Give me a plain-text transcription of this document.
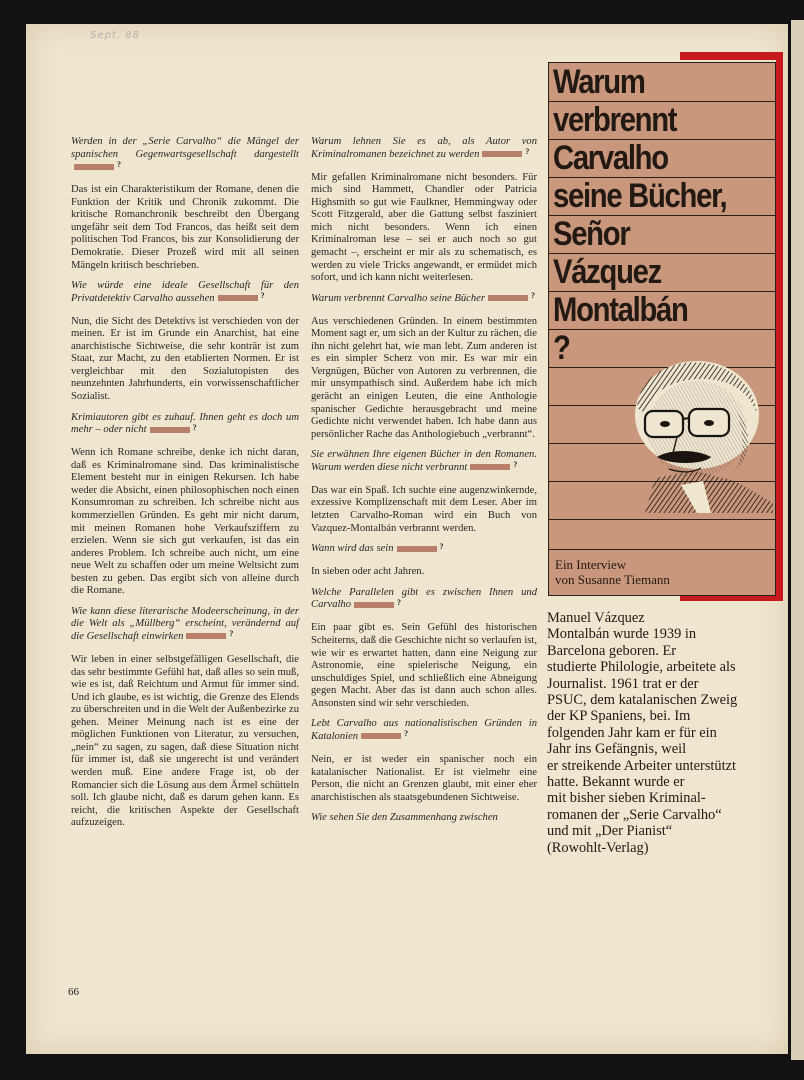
Sept. 88

Werden in der „Serie Carvalho“ die Mängel der spanischen Gegenwartsgesellschaft dargestellt?

Das ist ein Charakteristikum der Romane, denen die Funktion der Kritik und Chronik zukommt. Die kritische Romanchronik beschreibt den Übergang ungefähr seit dem Tod Francos, das heißt seit dem politischen Tod Francos, bis zur Konsolidierung der Demokratie. Dieser Prozeß wird mit all seinen Mängeln kritisch beschrieben.

Wie würde eine ideale Gesellschaft für den Privatdetektiv Carvalho aussehen?

Nun, die Sicht des Detektivs ist verschieden von der meinen. Er ist im Grunde ein Anarchist, hat eine anarchistische Sichtweise, die sehr konträr ist zum Staat, zur Macht, zu den etablierten Normen. Er ist vergleichbar mit den Sozialutopisten des neunzehnten Jahrhunderts, ein vorwissenschaftlicher Sozialist.

Krimiautoren gibt es zuhauf. Ihnen geht es doch um mehr – oder nicht?

Wenn ich Romane schreibe, denke ich nicht daran, daß es Kriminalromane sind. Das kriminalistische Element besteht nur in einigen Rekursen. Ich habe weder die Absicht, einen philosophischen noch einen Konsumroman zu schreiben. Ich schreibe nicht aus kommerziellen Gründen. Es geht mir nicht darum, mit meinen Romanen hohe Verkaufsziffern zu erzielen. Wenn sie sich gut verkaufen, ist das ein anderes Problem. Ich schreibe auch nicht, um eine neue Welt zu schaffen oder um meine Weltsicht zum besten zu geben. Das ergibt sich von alleine durch die Romane.

Wie kann diese literarische Modeerscheinung, in der die Welt als „Müllberg“ erscheint, verändernd auf die Gesellschaft einwirken?

Wir leben in einer selbstgefälligen Gesellschaft, die das sehr bestimmte Gefühl hat, daß alles so sein muß, wie es ist, daß Reichtum und Armut für immer sind. Und ich glaube, es ist wichtig, die Grenze des Elends zu überschreiten und in die Welt der Außenbezirke zu gehen. Meiner Meinung nach ist es eine der möglichen Funktionen von Literatur, zu versuchen, „nein“ zu sagen, zu sagen, daß diese Situation nicht für immer ist, daß sie ungerecht ist und verändert werden muß. Eine andere Frage ist, ob der Romancier sich die Lösung aus dem Ärmel schütteln soll. Ich glaube nicht, daß es darum gehen kann. Es reicht, die kritischen Aspekte der Gesellschaft aufzuzeigen.

Warum lehnen Sie es ab, als Autor von Kriminalromanen bezeichnet zu werden?

Mir gefallen Kriminalromane nicht besonders. Für mich sind Hammett, Chandler oder Patricia Highsmith so gut wie Faulkner, Hemmingway oder Scott Fitzgerald, aber die Gattung selbst fasziniert mich nicht besonders. Wenn ich einen Kriminalroman lese – sei er auch noch so gut gemacht –, erscheint er mir als zu schematisch, es werden zu viele Tricks angewandt, er ermüdet mich sofort, und ich kann nicht weiterlesen.

Warum verbrennt Carvalho seine Bücher?

Aus verschiedenen Gründen. In einem bestimmten Moment sagt er, um sich an der Kultur zu rächen, die ihn nicht gelehrt hat, wie man lebt. Zum anderen ist es ein simpler Scherz von mir. Es war mir ein Vergnügen, Bücher von Autoren zu verbrennen, die mir unsympathisch sind. Außerdem habe ich mich gerächt an einigen Leuten, die eine Anthologie spanischer Gedichte herausgebracht und meine Gedichte nicht verwendet haben. Ich habe dann aus persönlicher Rache das Anthologiebuch „verbrannt“.

Sie erwähnen Ihre eigenen Bücher in den Romanen. Warum werden diese nicht verbrannt?

Das war ein Spaß. Ich suchte eine augenzwinkernde, exzessive Komplizenschaft mit dem Leser. Aber im letzten Carvalho-Roman wird ein Buch von Vazquez-Montalbán verbrannt werden.

Wann wird das sein?

In sieben oder acht Jahren.

Welche Parallelen gibt es zwischen Ihnen und Carvalho?

Ein paar gibt es. Sein Gefühl des historischen Scheiterns, daß die Geschichte nicht so verlaufen ist, wie wir es erwartet hatten, dann eine Neigung zur Astronomie, eine spielerische Neigung, ein unschuldiges Spiel, und schließlich eine Abneigung gegen Macht. Aber das ist dann auch schon alles. Ansonsten sind wir sehr verschieden.

Lebt Carvalho aus nationalistischen Gründen in Katalonien?

Nein, er ist weder ein spanischer noch ein katalanischer Nationalist. Er ist vielmehr eine Person, die nicht an Grenzen glaubt, mit einer eher anarchistischen als staatsgebundenen Sichtweise.

Wie sehen Sie den Zusammenhang zwischen

Warum
verbrennt
Carvalho
seine Bücher,
Señor
Vázquez
Montalbán
?
Ein Interview
von Susanne Tiemann
Manuel Vázquez
Montalbán wurde 1939 in
Barcelona geboren. Er
studierte Philologie, arbeitete als
Journalist. 1961 trat er der
PSUC, dem katalanischen Zweig
der KP Spaniens, bei. Im
folgenden Jahr kam er für ein
Jahr ins Gefängnis, weil
er streikende Arbeiter unterstützt
hatte. Bekannt wurde er
mit bisher sieben Kriminal-
romanen der „Serie Carvalho“
und mit „Der Pianist“
(Rowohlt-Verlag)
66
